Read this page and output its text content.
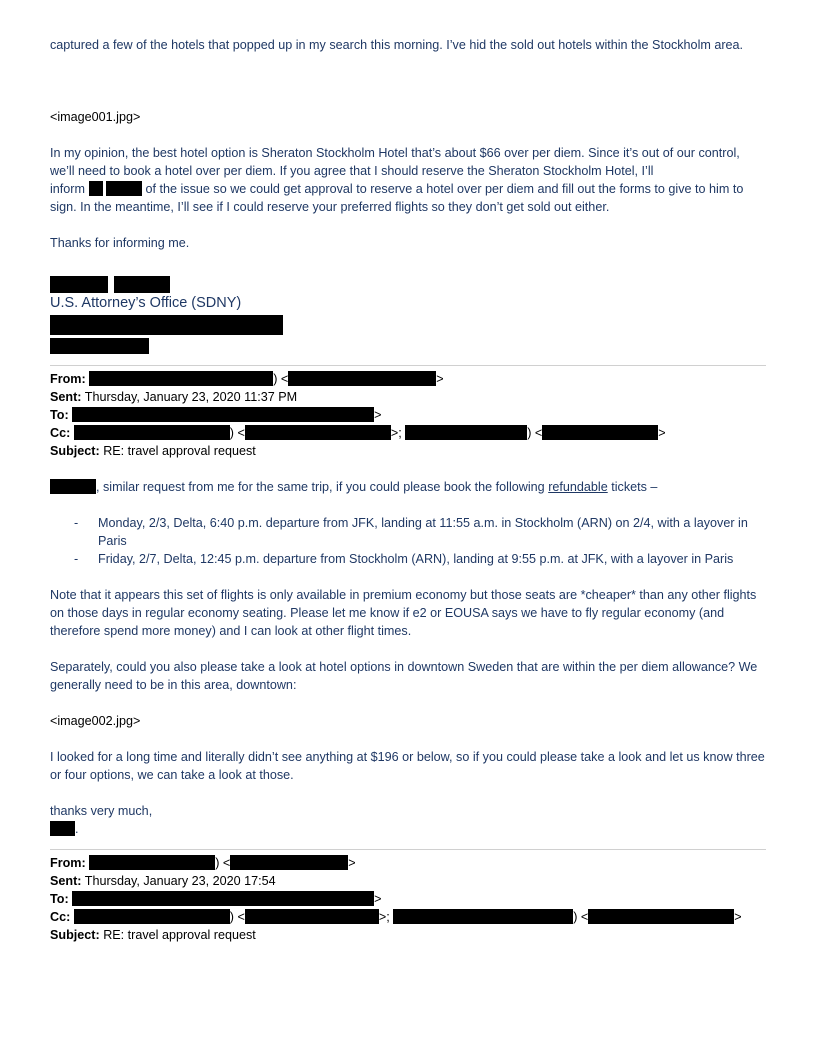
captured a few of the hotels that popped up in my search this morning. I’ve hid the sold out hotels within the Stockholm area.

<image001.jpg>

In my opinion, the best hotel option is Sheraton Stockholm Hotel that’s about $66 over per diem. Since it’s out of our control, we’ll need to book a hotel over per diem. If you agree that I should reserve the Sheraton Stockholm Hotel, I’ll
inform	of the issue so we could get approval to reserve a hotel over per diem and fill out the forms to give to him to sign. In the meantime, I’ll see if I could reserve your preferred flights so they don’t get sold out either.

Thanks for informing me.

U.S. Attorney’s Office (SDNY)

From:	) <	>
Sent: Thursday, January 23, 2020 11:37 PM
To:	>
Cc:	) <	>;	) <	>
Subject: RE: travel approval request

, similar request from me for the same trip, if you could please book the following refundable tickets –

- Monday, 2/3, Delta, 6:40 p.m. departure from JFK, landing at 11:55 a.m. in Stockholm (ARN) on 2/4, with a layover in Paris
- Friday, 2/7, Delta, 12:45 p.m. departure from Stockholm (ARN), landing at 9:55 p.m. at JFK, with a layover in Paris

Note that it appears this set of flights is only available in premium economy but those seats are *cheaper* than any other flights on those days in regular economy seating. Please let me know if e2 or EOUSA says we have to fly regular economy (and therefore spend more money) and I can look at other flight times.

Separately, could you also please take a look at hotel options in downtown Sweden that are within the per diem allowance? We generally need to be in this area, downtown:

<image002.jpg>

I looked for a long time and literally didn’t see anything at $196 or below, so if you could please take a look and let us know three or four options, we can take a look at those.

thanks very much,

.

From:	) <	>
Sent: Thursday, January 23, 2020 17:54
To:	>
Cc:	) <	>;	) <	>
Subject: RE: travel approval request
